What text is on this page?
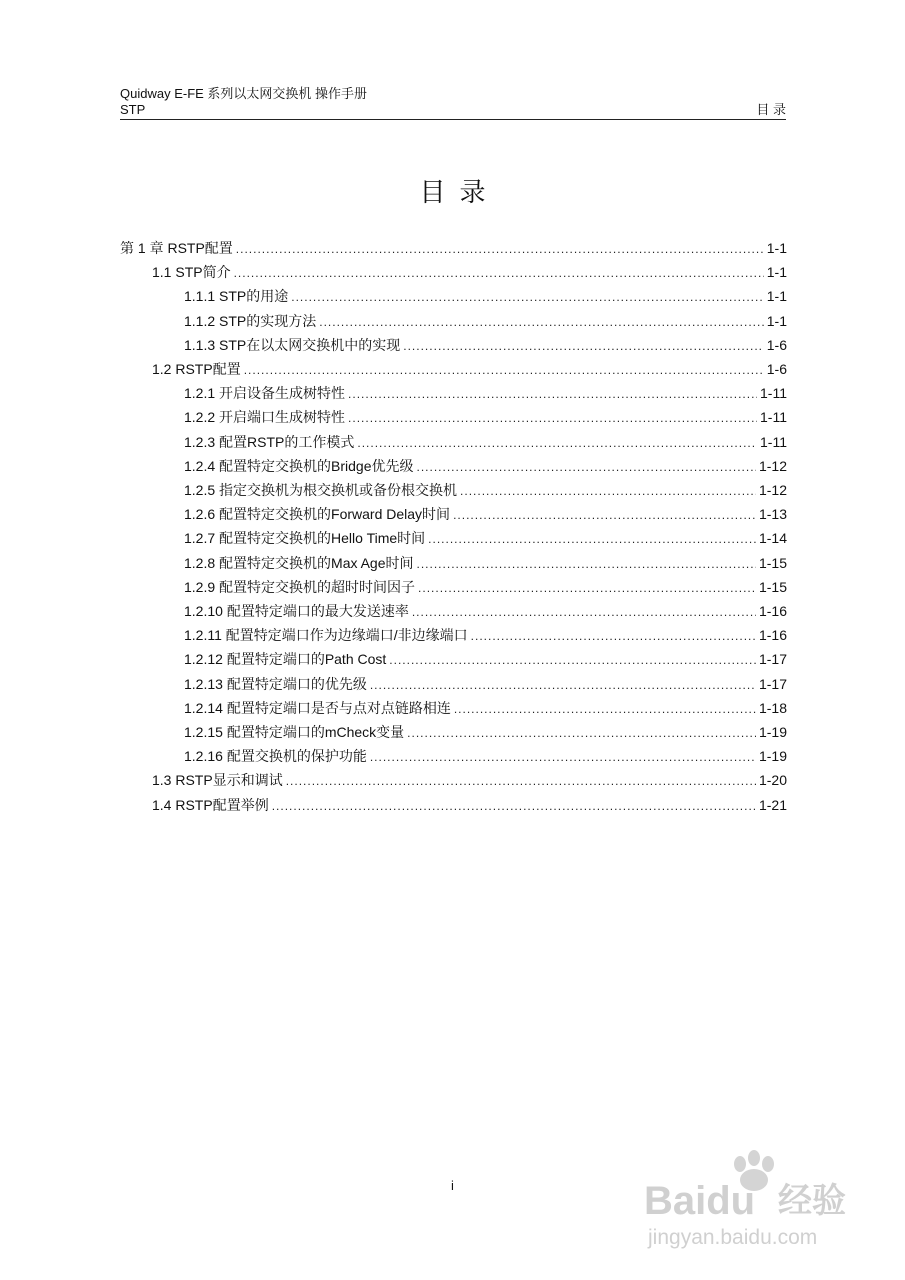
Quidway E-FE 系列以太网交换机 操作手册
STP	目 录
目录
第 1 章 RSTP配置 .....	1-1
1.1 STP简介 .....	1-1
1.1.1 STP的用途 .....	1-1
1.1.2 STP的实现方法 .....	1-1
1.1.3 STP在以太网交换机中的实现 .....	1-6
1.2 RSTP配置 .....	1-6
1.2.1 开启设备生成树特性 .....	1-11
1.2.2 开启端口生成树特性 .....	1-11
1.2.3 配置RSTP的工作模式 .....	1-11
1.2.4 配置特定交换机的Bridge优先级 .....	1-12
1.2.5 指定交换机为根交换机或备份根交换机 .....	1-12
1.2.6 配置特定交换机的Forward Delay时间 .....	1-13
1.2.7 配置特定交换机的Hello Time时间 .....	1-14
1.2.8 配置特定交换机的Max Age时间 .....	1-15
1.2.9 配置特定交换机的超时时间因子 .....	1-15
1.2.10 配置特定端口的最大发送速率 .....	1-16
1.2.11 配置特定端口作为边缘端口/非边缘端口 .....	1-16
1.2.12 配置特定端口的Path Cost .....	1-17
1.2.13 配置特定端口的优先级 .....	1-17
1.2.14 配置特定端口是否与点对点链路相连 .....	1-18
1.2.15 配置特定端口的mCheck变量 .....	1-19
1.2.16 配置交换机的保护功能 .....	1-19
1.3 RSTP显示和调试 .....	1-20
1.4 RSTP配置举例 .....	1-21
i	Baidu 经验
jingyan.baidu.com
